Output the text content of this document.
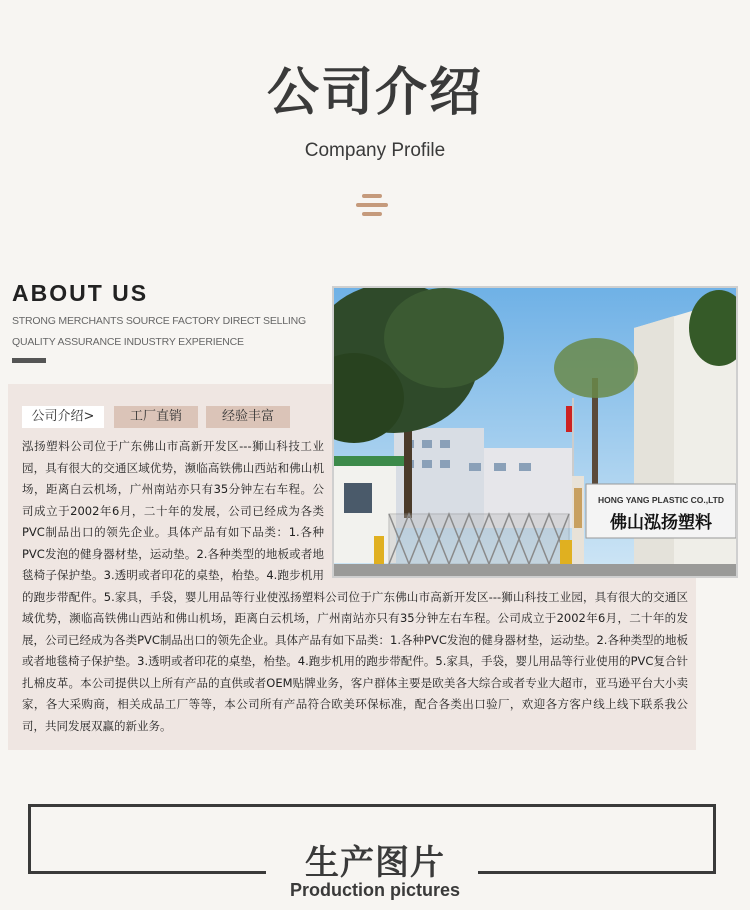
公司介绍
Company Profile
ABOUT US
STRONG MERCHANTS SOURCE FACTORY DIRECT SELLING
QUALITY ASSURANCE INDUSTRY EXPERIENCE
公司介绍>	工厂直销	经验丰富
泓扬塑料公司位于广东佛山市高新开发区---狮山科技工业园，具有很大的交通区域优势，濒临高铁佛山西站和佛山机场，距离白云机场，广州南站亦只有35分钟左右车程。公司成立于2002年6月，二十年的发展，公司已经成为各类PVC制品出口的领先企业。具体产品有如下品类：1.各种PVC发泡的健身器材垫，运动垫。2.各种类型的地板或者地毯椅子保护垫。3.透明或者印花的桌垫，枱垫。4.跑步机用的跑步带配件。5.家具，手袋，婴儿用品等行业使泓扬塑料公司位于广东佛山市高新开发区---狮山科技工业园，具有很大的交通区域优势，濒临高铁佛山西站和佛山机场，距离白云机场，广州南站亦只有35分钟左右车程。公司成立于2002年6月，二十年的发展，公司已经成为各类PVC制品出口的领先企业。具体产品有如下品类：1.各种PVC发泡的健身器材垫，运动垫。2.各种类型的地板或者地毯椅子保护垫。3.透明或者印花的桌垫，枱垫。4.跑步机用的跑步带配件。5.家具，手袋，婴儿用品等行业使用的PVC复合针扎棉皮革。本公司提供以上所有产品的直供或者OEM贴牌业务，客户群体主要是欧美各大综合或者专业大超市，亚马逊平台大小卖家，各大采购商，相关成品工厂等等，本公司所有产品符合欧美环保标准，配合各类出口验厂，欢迎各方客户线上线下联系我公司，共同发展双赢的新业务。
HONG YANG PLASTIC CO.,LTD
佛山泓扬塑料
生产图片
Production pictures
